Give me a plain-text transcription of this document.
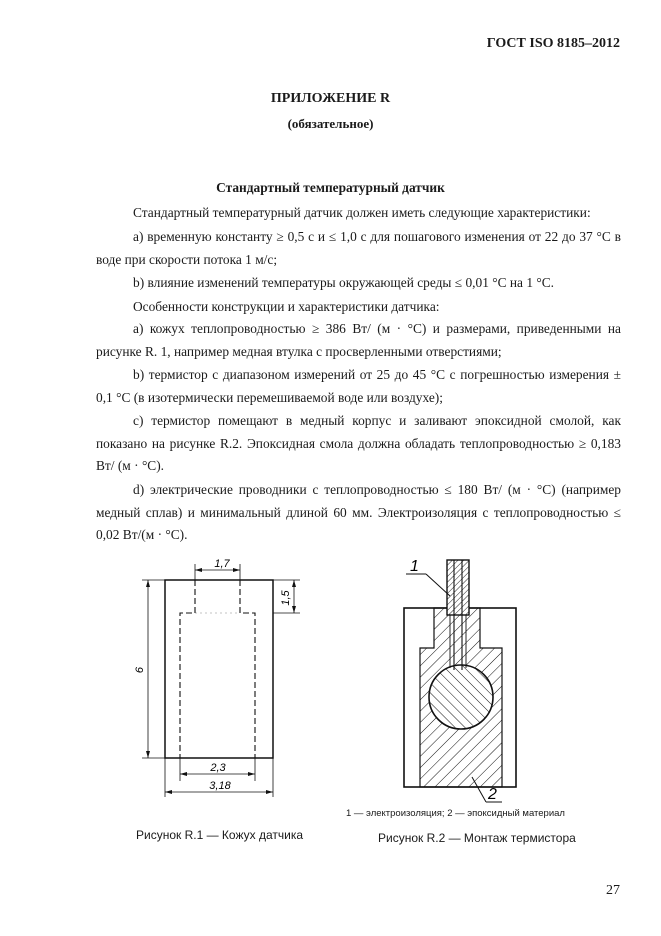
ГОСТ ISO 8185–2012
ПРИЛОЖЕНИЕ R
(обязательное)
Стандартный температурный датчик
Стандартный температурный датчик должен иметь следующие характеристики:
а) временную константу ≥ 0,5 с и ≤ 1,0 с для пошагового изменения от 22 до 37 °С в воде при скорости потока 1 м/с;
b) влияние изменений температуры окружающей среды ≤ 0,01 °С на 1 °С.
Особенности конструкции и характеристики датчика:
a) кожух теплопроводностью ≥ 386 Вт/ (м · °С) и размерами, приведенными на рисунке R. 1, например медная втулка с просверленными отверстиями;
b) термистор с диапазоном измерений от 25 до 45 °С с погрешностью измерения ± 0,1 °С (в изотермически перемешиваемой воде или воздухе);
c) термистор помещают в медный корпус и заливают эпоксидной смолой, как показано на рисунке R.2. Эпоксидная смола должна обладать теплопроводностью ≥ 0,183 Вт/ (м · °С).
d) электрические проводники с теплопроводностью ≤ 180 Вт/ (м · °С) (например медный сплав) и минимальный длиной 60 мм. Электроизоляция с теплопроводностью ≤ 0,02 Вт/(м · °С).
1,7
1,5
6
2,3
3,18
1
2
1 — электроизоляция; 2 — эпоксидный материал
Рисунок R.1 — Кожух датчика	Рисунок R.2 — Монтаж термистора
27
